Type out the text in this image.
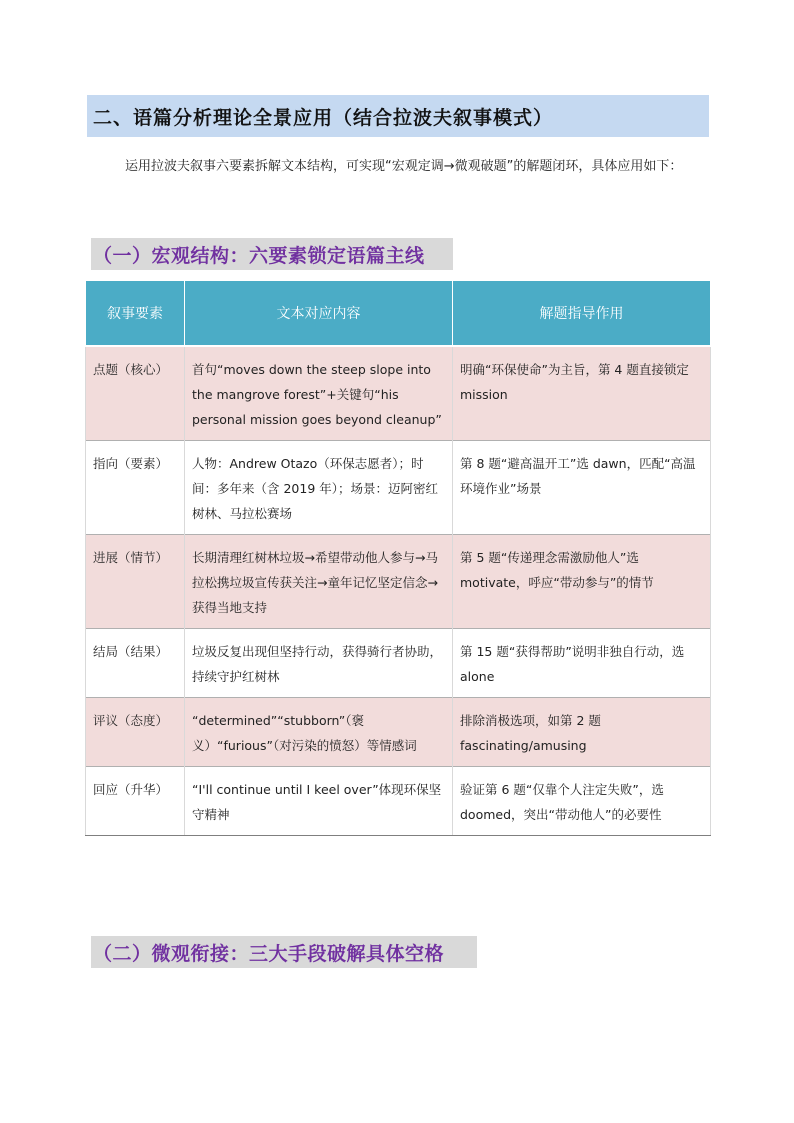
二、语篇分析理论全景应用（结合拉波夫叙事模式）
运用拉波夫叙事六要素拆解文本结构，可实现“宏观定调→微观破题”的解题闭环，具体应用如下：
（一）宏观结构：六要素锁定语篇主线
叙事要素	文本对应内容	解题指导作用
点题（核心）	首句“moves down the steep slope into the mangrove forest”+关键句“his personal mission goes beyond cleanup”	明确“环保使命”为主旨，第 4 题直接锁定 mission
指向（要素）	人物：Andrew Otazo（环保志愿者）；时间：多年来（含 2019 年）；场景：迈阿密红树林、马拉松赛场	第 8 题“避高温开工”选 dawn，匹配“高温环境作业”场景
进展（情节）	长期清理红树林垃圾→希望带动他人参与→马拉松携垃圾宣传获关注→童年记忆坚定信念→获得当地支持	第 5 题“传递理念需激励他人”选 motivate，呼应“带动参与”的情节
结局（结果）	垃圾反复出现但坚持行动，获得骑行者协助，持续守护红树林	第 15 题“获得帮助”说明非独自行动，选 alone
评议（态度）	“determined”“stubborn”（褒义）“furious”（对污染的愤怒）等情感词	排除消极选项，如第 2 题 fascinating/amusing
回应（升华）	“I'll continue until I keel over”体现环保坚守精神	验证第 6 题“仅靠个人注定失败”，选 doomed，突出“带动他人”的必要性
（二）微观衔接：三大手段破解具体空格
